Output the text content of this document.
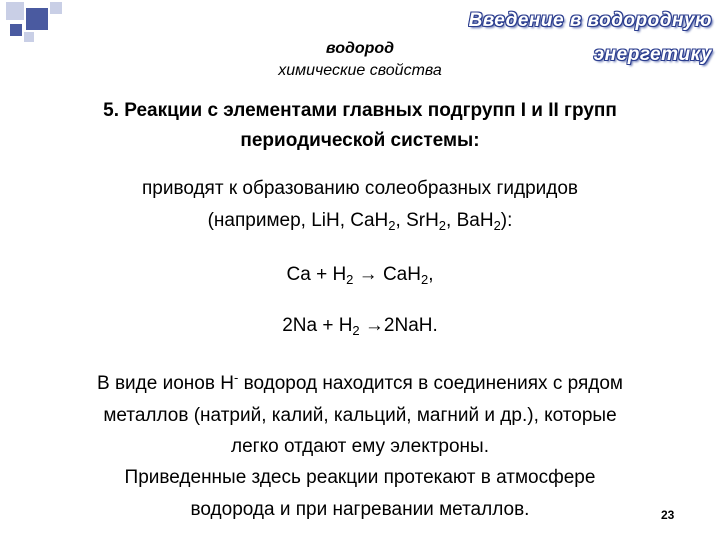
Введение в водородную энергетику
водород
химические свойства
5. Реакции с элементами главных подгрупп I и II групп
периодической системы:
приводят к образованию солеобразных гидридов
(например, LiH, CaH$_2$, SrH$_2$, BaH$_2$):
$Ca + H_2 \to CaH_2$,
$2Na + H_2 \to 2NaH$.
В виде ионов H- водород находится в соединениях с рядом
металлов (натрий, калий, кальций, магний и др.), которые
легко отдают ему электроны.
Приведенные здесь реакции протекают в атмосфере
водорода и при нагревании металлов.	23
